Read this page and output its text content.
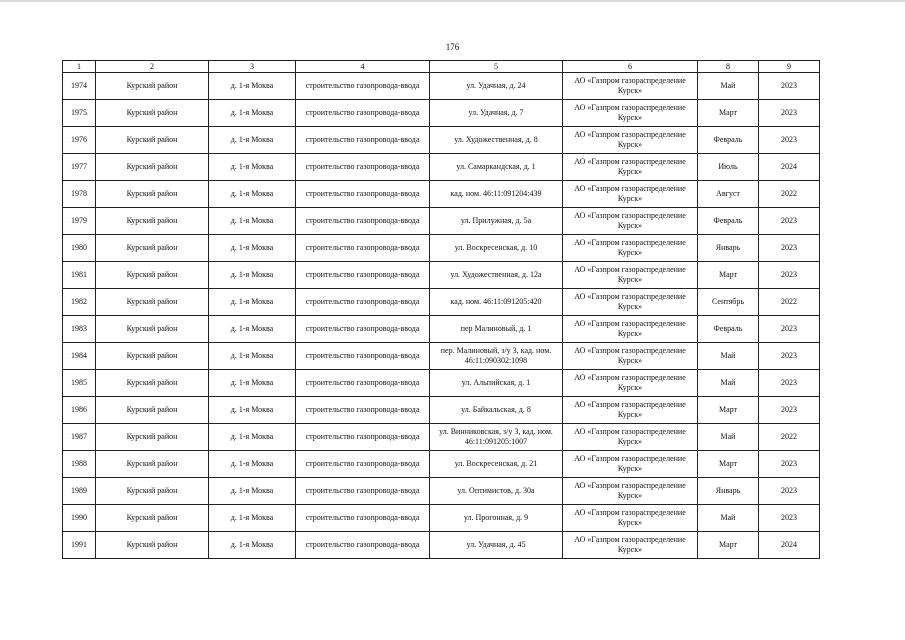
176
1	2	3	4	5	6	8	9
1974	Курский район	д. 1-я Моква	строительство газопровода-ввода	ул. Удачная, д. 24	АО «Газпром газораспределение Курск»	Май	2023
1975	Курский район	д. 1-я Моква	строительство газопровода-ввода	ул. Удачная, д. 7	АО «Газпром газораспределение Курск»	Март	2023
1976	Курский район	д. 1-я Моква	строительство газопровода-ввода	ул. Художественная, д. 8	АО «Газпром газораспределение Курск»	Февраль	2023
1977	Курский район	д. 1-я Моква	строительство газопровода-ввода	ул. Самаркандская, д. 1	АО «Газпром газораспределение Курск»	Июль	2024
1978	Курский район	д. 1-я Моква	строительство газопровода-ввода	кад. ном. 46:11:091204:439	АО «Газпром газораспределение Курск»	Август	2022
1979	Курский район	д. 1-я Моква	строительство газопровода-ввода	ул. Прилужная, д. 5а	АО «Газпром газораспределение Курск»	Февраль	2023
1980	Курский район	д. 1-я Моква	строительство газопровода-ввода	ул. Воскресенская, д. 10	АО «Газпром газораспределение Курск»	Январь	2023
1981	Курский район	д. 1-я Моква	строительство газопровода-ввода	ул. Художественная, д. 12а	АО «Газпром газораспределение Курск»	Март	2023
1982	Курский район	д. 1-я Моква	строительство газопровода-ввода	кад. ном. 46:11:091205:420	АО «Газпром газораспределение Курск»	Сентябрь	2022
1983	Курский район	д. 1-я Моква	строительство газопровода-ввода	пер Малиновый, д. 1	АО «Газпром газораспределение Курск»	Февраль	2023
1984	Курский район	д. 1-я Моква	строительство газопровода-ввода	пер. Малиновый, з/у 3, кад. ном. 46:11:090302:1098	АО «Газпром газораспределение Курск»	Май	2023
1985	Курский район	д. 1-я Моква	строительство газопровода-ввода	ул. Альпийская, д. 1	АО «Газпром газораспределение Курск»	Май	2023
1986	Курский район	д. 1-я Моква	строительство газопровода-ввода	ул. Байкальская, д. 8	АО «Газпром газораспределение Курск»	Март	2023
1987	Курский район	д. 1-я Моква	строительство газопровода-ввода	ул. Винниковская, з/у 3, кад. ном. 46:11:091205:1007	АО «Газпром газораспределение Курск»	Май	2022
1988	Курский район	д. 1-я Моква	строительство газопровода-ввода	ул. Воскресенская, д. 21	АО «Газпром газораспределение Курск»	Март	2023
1989	Курский район	д. 1-я Моква	строительство газопровода-ввода	ул. Оптимистов, д. 30а	АО «Газпром газораспределение Курск»	Январь	2023
1990	Курский район	д. 1-я Моква	строительство газопровода-ввода	ул. Прогонная, д. 9	АО «Газпром газораспределение Курск»	Май	2023
1991	Курский район	д. 1-я Моква	строительство газопровода-ввода	ул. Удачная, д. 45	АО «Газпром газораспределение Курск»	Март	2024
